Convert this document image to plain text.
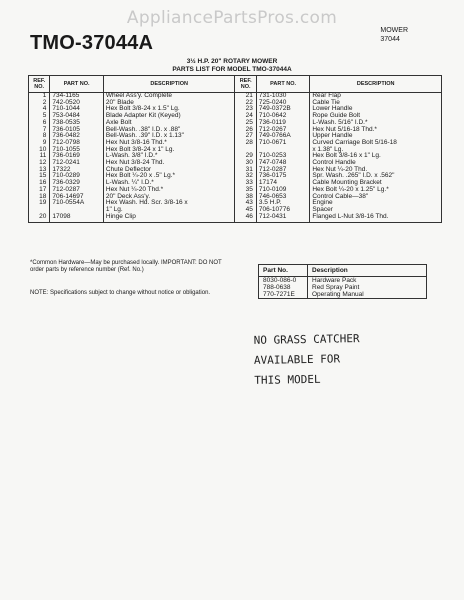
AppliancePartsPros.com
MOWER
37044
TMO-37044A
3½ H.P. 20" ROTARY MOWER
PARTS LIST FOR MODEL TMO-37044A
REF. NO.	PART NO.	DESCRIPTION	REF. NO.	PART NO.	DESCRIPTION
1	734-1165	Wheel Ass'y. Complete	21	731-1030	Rear Flap
2	742-0520	20" Blade	22	725-0240	Cable Tie
4	710-1044	Hex Bolt 3/8-24 x 1.5" Lg.	23	749-0372B	Lower Handle
5	753-0484	Blade Adapter Kit (Keyed)	24	710-0642	Rope Guide Bolt
6	738-0535	Axle Bolt	25	736-0119	L-Wash. 5/16" I.D.*
7	736-0105	Bell-Wash. .38" I.D. x .88"	26	712-0267	Hex Nut 5/16-18 Thd.*
8	736-0482	Bell-Wash. .39" I.D. x 1.13"	27	749-0766A	Upper Handle
9	712-0798	Hex Nut 3/8-16 Thd.*	28	710-0671	Curved Carriage Bolt 5/16-18
10	710-1055	Hex Bolt 3/8-24 x 1" Lg.			x 1.38" Lg.
11	736-0169	L-Wash. 3/8" I.D.*	29	710-0253	Hex Bolt 3/8-16 x 1" Lg.
12	712-0241	Hex Nut 3/8-24 Thd.	30	747-0748	Control Handle
13	17322	Chute Deflector	31	712-0287	Hex Nut ¼-20 Thd.
15	710-0289	Hex Bolt ¼-20 x .5" Lg.*	32	736-0175	Spr. Wash. .265" I.D. x .562"
16	736-0329	L-Wash. ¼" I.D.*	33	17174	Cable Mounting Bracket
17	712-0287	Hex Nut ¼-20 Thd.*	35	710-0109	Hex Bolt ¼-20 x 1.25" Lg.*
18	706-14697	20" Deck Ass'y.	38	746-0653	Control Cable—38"
19	710-0554A	Hex Wash. Hd. Scr. 3/8-16 x	43	3.5 H.P.	Engine
		1" Lg.	45	706-10776	Spacer
20	17098	Hinge Clip	46	712-0431	Flanged L-Nut 3/8-16 Thd.
*Common Hardware—May be purchased locally. IMPORTANT: DO NOT order parts by reference number (Ref. No.)
NOTE: Specifications subject to change without notice or obligation.
Part No.	Description
8030-086-0	Hardware Pack
788-0638	Red Spray Paint
770-7271E	Operating Manual
NO GRASS CATCHER
AVAILABLE FOR
THIS MODEL
